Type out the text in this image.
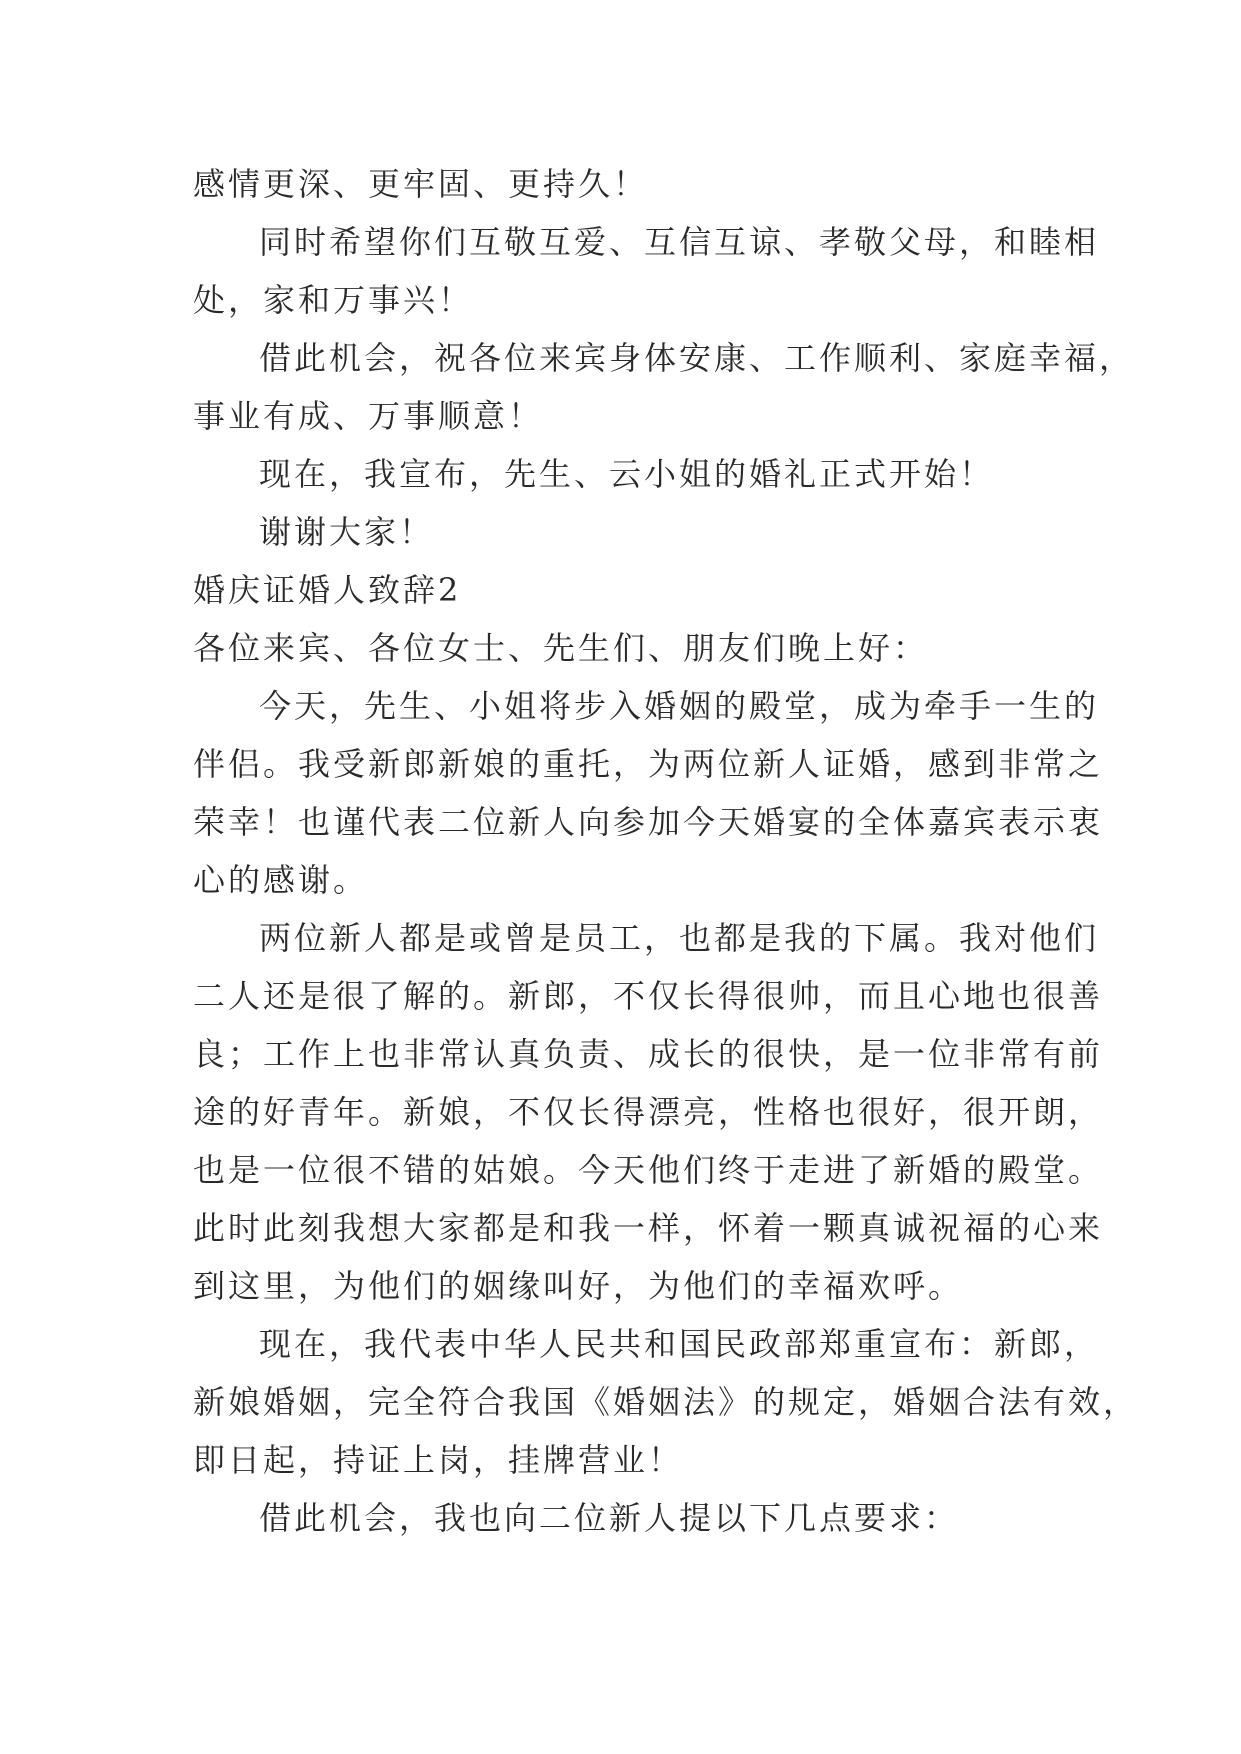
感情更深、更牢固、更持久！

同时希望你们互敬互爱、互信互谅、孝敬父母，和睦相

处，家和万事兴！

借此机会，祝各位来宾身体安康、工作顺利、家庭幸福，

事业有成、万事顺意！

现在，我宣布，先生、云小姐的婚礼正式开始！

谢谢大家！

婚庆证婚人致辞2

各位来宾、各位女士、先生们、朋友们晚上好：

今天，先生、小姐将步入婚姻的殿堂，成为牵手一生的

伴侣。我受新郎新娘的重托，为两位新人证婚，感到非常之

荣幸！也谨代表二位新人向参加今天婚宴的全体嘉宾表示衷

心的感谢。

两位新人都是或曾是员工，也都是我的下属。我对他们

二人还是很了解的。新郎，不仅长得很帅，而且心地也很善

良；工作上也非常认真负责、成长的很快，是一位非常有前

途的好青年。新娘，不仅长得漂亮，性格也很好，很开朗，

也是一位很不错的姑娘。今天他们终于走进了新婚的殿堂。

此时此刻我想大家都是和我一样，怀着一颗真诚祝福的心来

到这里，为他们的姻缘叫好，为他们的幸福欢呼。

现在，我代表中华人民共和国民政部郑重宣布：新郎，

新娘婚姻，完全符合我国《婚姻法》的规定，婚姻合法有效，

即日起，持证上岗，挂牌营业！

借此机会，我也向二位新人提以下几点要求：
